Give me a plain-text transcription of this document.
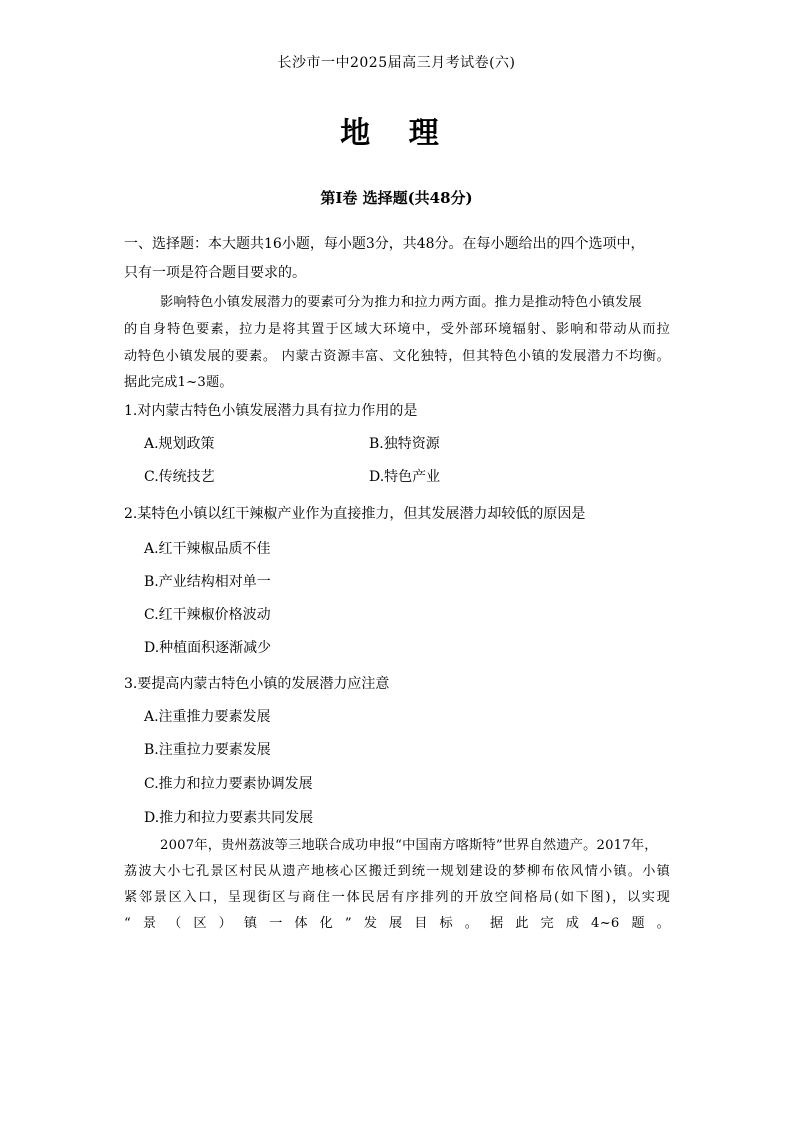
长沙市一中2025届高三月考试卷(六)
地 理
第Ⅰ卷 选择题(共48分)
一、选择题：本大题共16小题，每小题3分，共48分。在每小题给出的四个选项中，
只有一项是符合题目要求的。
影响特色小镇发展潜力的要素可分为推力和拉力两方面。推力是推动特色小镇发展
的自身特色要素，拉力是将其置于区域大环境中，受外部环境辐射、影响和带动从而拉
动特色小镇发展的要素。 内蒙古资源丰富、文化独特，但其特色小镇的发展潜力不均衡。
据此完成1~3题。
1.对内蒙古特色小镇发展潜力具有拉力作用的是
A.规划政策	B.独特资源
C.传统技艺	D.特色产业
2.某特色小镇以红干辣椒产业作为直接推力，但其发展潜力却较低的原因是
A.红干辣椒品质不佳
B.产业结构相对单一
C.红干辣椒价格波动
D.种植面积逐渐减少
3.要提高内蒙古特色小镇的发展潜力应注意
A.注重推力要素发展
B.注重拉力要素发展
C.推力和拉力要素协调发展
D.推力和拉力要素共同发展
2007年，贵州荔波等三地联合成功申报“中国南方喀斯特”世界自然遗产。2017年，
荔波大小七孔景区村民从遗产地核心区搬迁到统一规划建设的梦柳布依风情小镇。小镇
紧邻景区入口，呈现街区与商住一体民居有序排列的开放空间格局(如下图)，以实现
“景（区）镇一体化”发展目标。据此完成4~6题。
